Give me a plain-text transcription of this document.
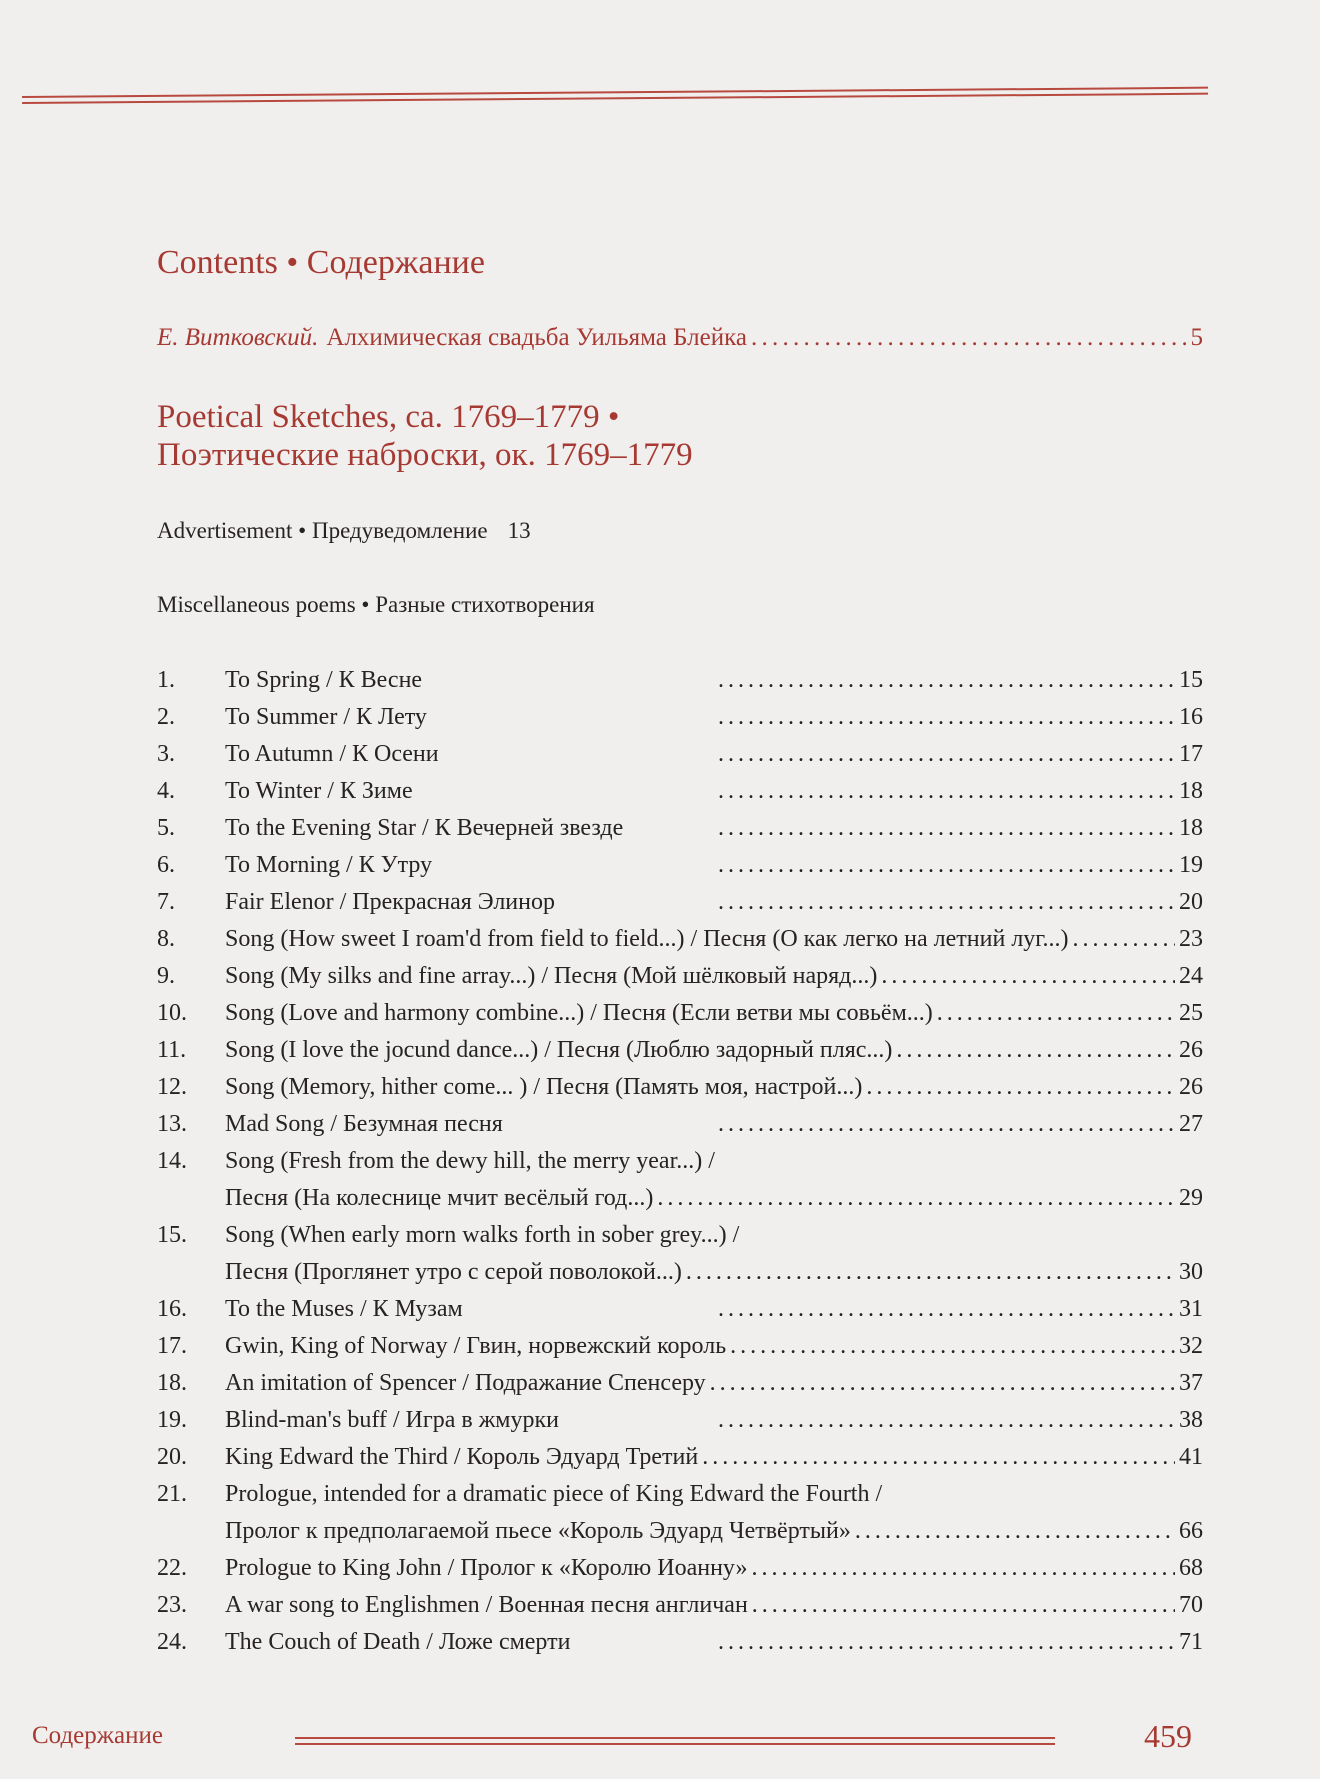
Contents • Содержание
Е. Витковский. Алхимическая свадьба Уильяма Блейка . . .	5
Poetical Sketches, ca. 1769–1779 •
Поэтические наброски, ок. 1769–1779
Advertisement • Предуведомление 13
Miscellaneous poems • Разные стихотворения
1.	To Spring / К Весне . . .	15
2.	To Summer / К Лету . . .	16
3.	To Autumn / К Осени . . .	17
4.	To Winter / К Зиме . . .	18
5.	To the Evening Star / К Вечерней звезде . . .	18
6.	To Morning / К Утру . . .	19
7.	Fair Elenor / Прекрасная Элинор . . .	20
8.	Song (How sweet I roam'd from field to field...) / Песня (О как легко на летний луг...) . . .	23
9.	Song (My silks and fine array...) / Песня (Мой шёлковый наряд...) . . .	24
10.	Song (Love and harmony combine...) / Песня (Если ветви мы совьём...) . . .	25
11.	Song (I love the jocund dance...) / Песня (Люблю задорный пляс...) . . .	26
12.	Song (Memory, hither come... ) / Песня (Память моя, настрой...) . . .	26
13.	Mad Song / Безумная песня . . .	27
14.	Song (Fresh from the dewy hill, the merry year...) /
Песня (На колеснице мчит весёлый год...) . . .	29
15.	Song (When early morn walks forth in sober grey...) /
Песня (Проглянет утро с серой поволокой...) . . .	30
16.	To the Muses / К Музам . . .	31
17.	Gwin, King of Norway / Гвин, норвежский король . . .	32
18.	An imitation of Spencer / Подражание Спенсеру . . .	37
19.	Blind-man's buff / Игра в жмурки . . .	38
20.	King Edward the Third / Король Эдуард Третий . . .	41
21.	Prologue, intended for a dramatic piece of King Edward the Fourth /
Пролог к предполагаемой пьесе «Король Эдуард Четвёртый» . . .	66
22.	Prologue to King John / Пролог к «Королю Иоанну» . . .	68
23.	A war song to Englishmen / Военная песня англичан . . .	70
24.	The Couch of Death / Ложе смерти . . .	71
Содержание	459
